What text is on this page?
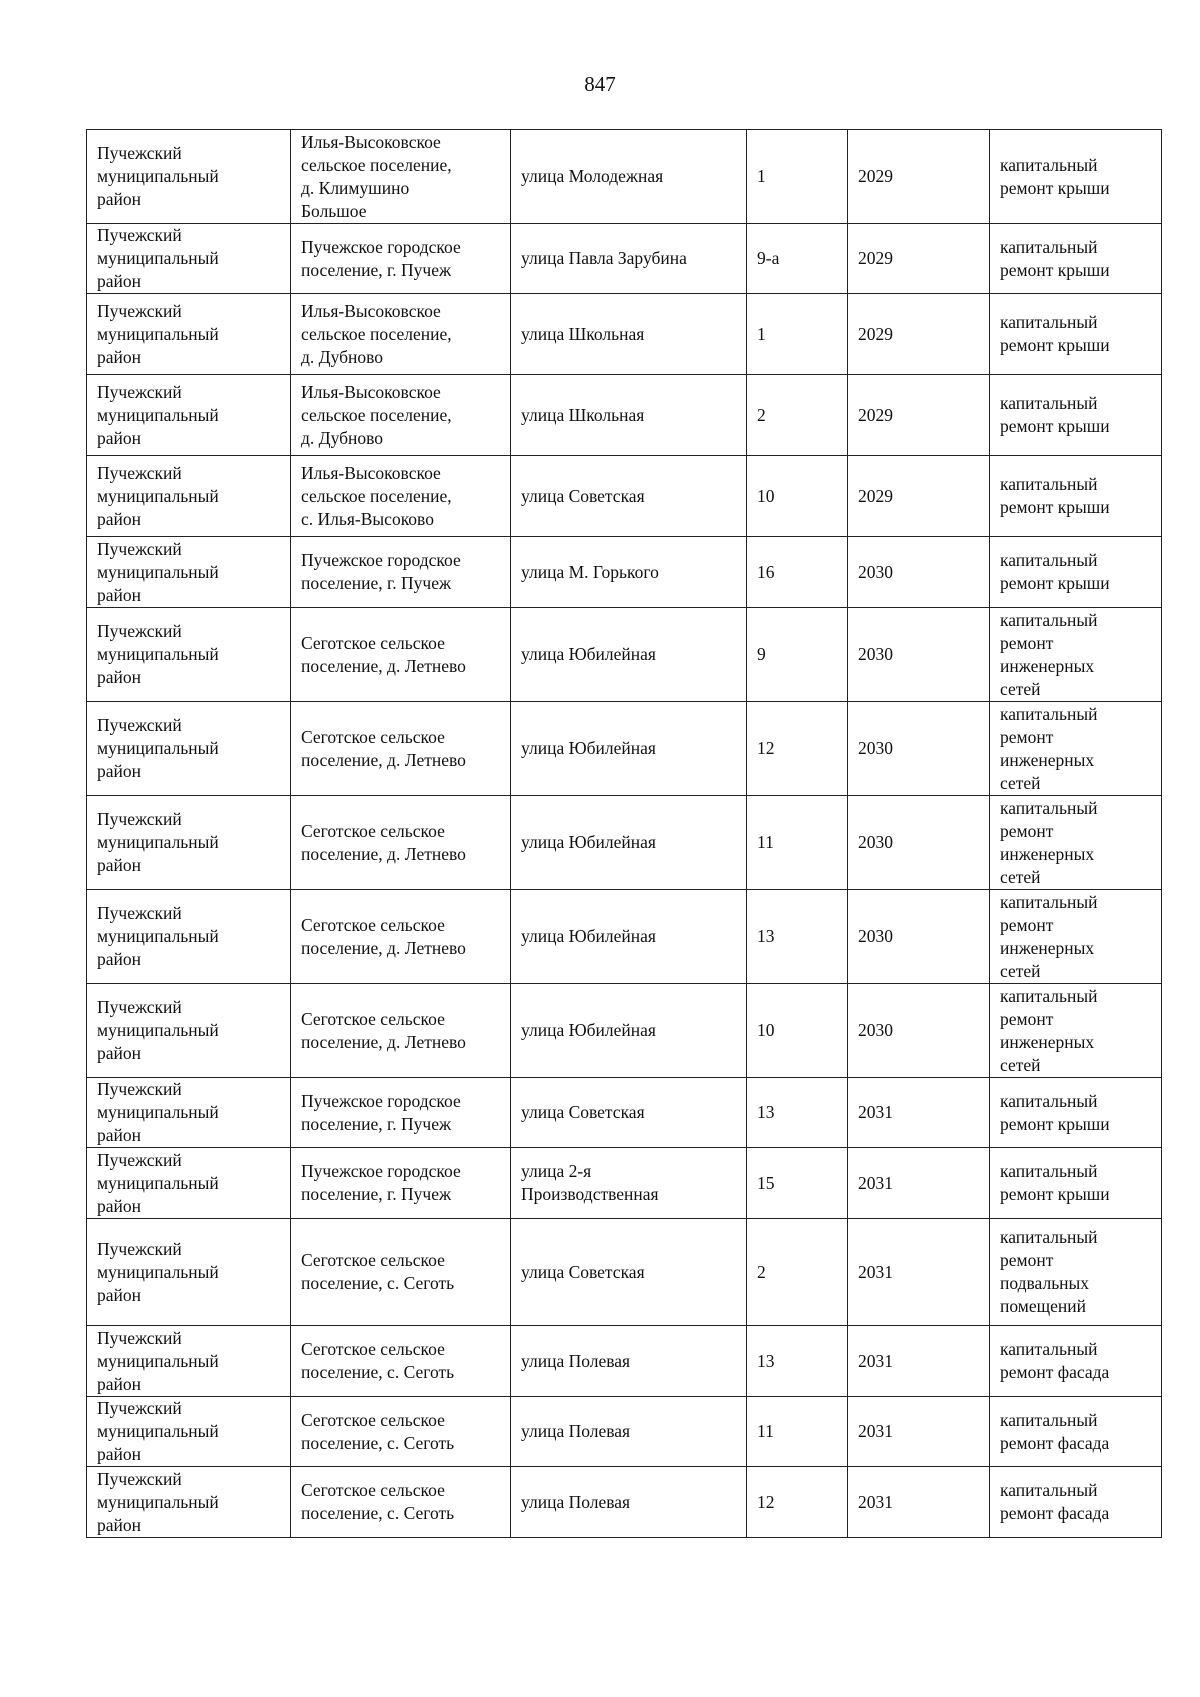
847
Пучежский
муниципальный
район	Илья-Высоковское
сельское поселение,
д. Климушино
Большое	улица Молодежная	1	2029	капитальный
ремонт крыши

Пучежский
муниципальный
район	Пучежское городское
поселение, г. Пучеж	улица Павла Зарубина	9-а	2029	капитальный
ремонт крыши

Пучежский
муниципальный
район	Илья-Высоковское
сельское поселение,
д. Дубново	улица Школьная	1	2029	капитальный
ремонт крыши

Пучежский
муниципальный
район	Илья-Высоковское
сельское поселение,
д. Дубново	улица Школьная	2	2029	капитальный
ремонт крыши

Пучежский
муниципальный
район	Илья-Высоковское
сельское поселение,
с. Илья-Высоково	улица Советская	10	2029	капитальный
ремонт крыши

Пучежский
муниципальный
район	Пучежское городское
поселение, г. Пучеж	улица М. Горького	16	2030	капитальный
ремонт крыши

Пучежский
муниципальный
район	Сеготское сельское
поселение, д. Летнево	улица Юбилейная	9	2030	капитальный
ремонт
инженерных
сетей

Пучежский
муниципальный
район	Сеготское сельское
поселение, д. Летнево	улица Юбилейная	12	2030	капитальный
ремонт
инженерных
сетей

Пучежский
муниципальный
район	Сеготское сельское
поселение, д. Летнево	улица Юбилейная	11	2030	капитальный
ремонт
инженерных
сетей

Пучежский
муниципальный
район	Сеготское сельское
поселение, д. Летнево	улица Юбилейная	13	2030	капитальный
ремонт
инженерных
сетей

Пучежский
муниципальный
район	Сеготское сельское
поселение, д. Летнево	улица Юбилейная	10	2030	капитальный
ремонт
инженерных
сетей

Пучежский
муниципальный
район	Пучежское городское
поселение, г. Пучеж	улица Советская	13	2031	капитальный
ремонт крыши

Пучежский
муниципальный
район	Пучежское городское
поселение, г. Пучеж	улица 2-я
Производственная	15	2031	капитальный
ремонт крыши

Пучежский
муниципальный
район	Сеготское сельское
поселение, с. Сеготь	улица Советская	2	2031	капитальный
ремонт
подвальных
помещений

Пучежский
муниципальный
район	Сеготское сельское
поселение, с. Сеготь	улица Полевая	13	2031	капитальный
ремонт фасада

Пучежский
муниципальный
район	Сеготское сельское
поселение, с. Сеготь	улица Полевая	11	2031	капитальный
ремонт фасада

Пучежский
муниципальный
район	Сеготское сельское
поселение, с. Сеготь	улица Полевая	12	2031	капитальный
ремонт фасада
